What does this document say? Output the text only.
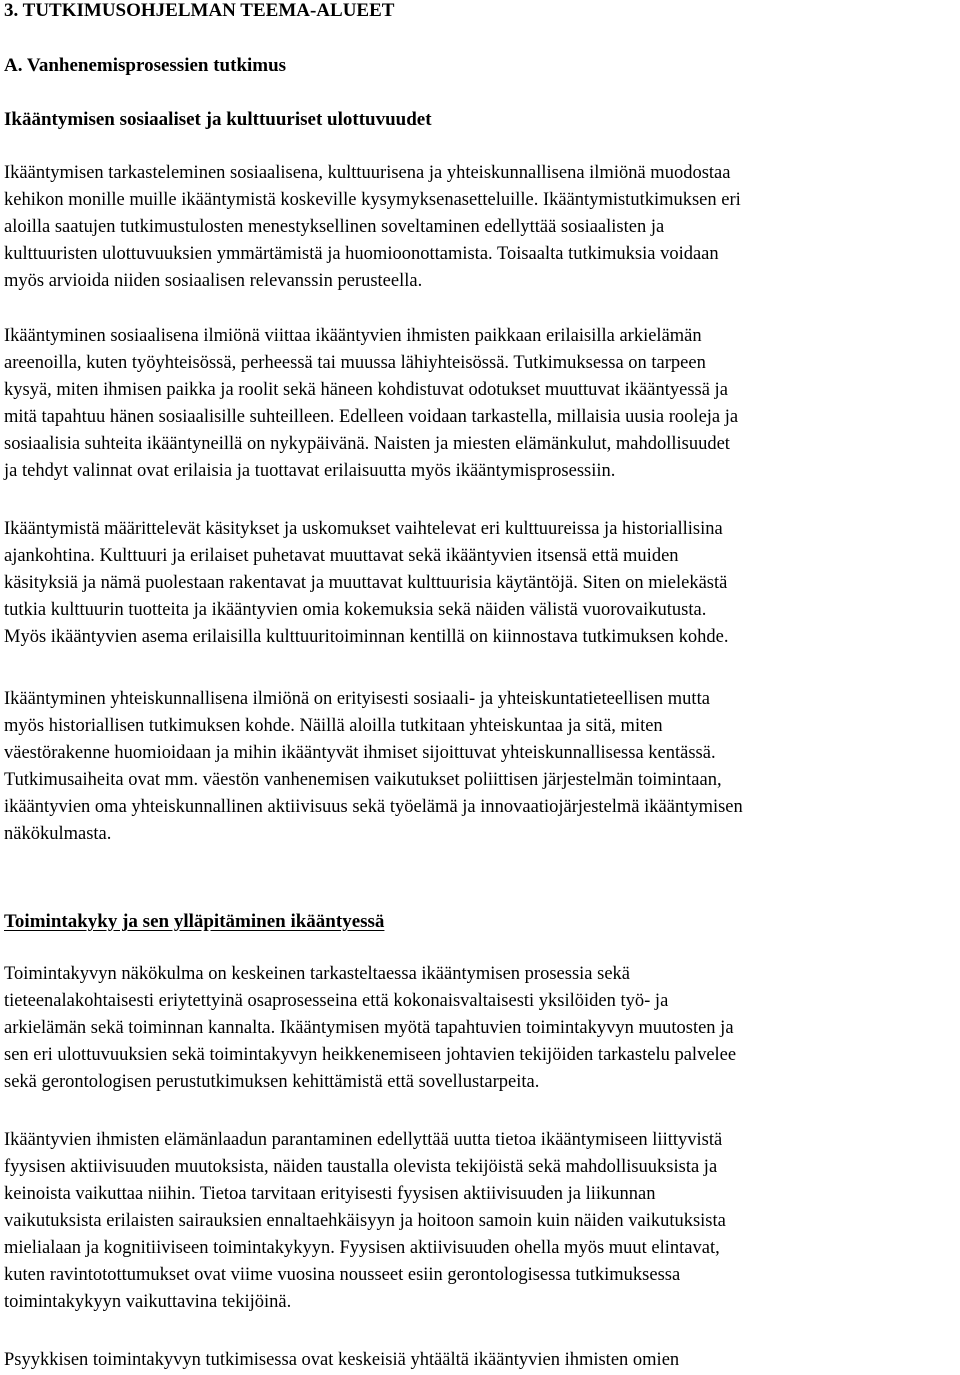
3. TUTKIMUSOHJELMAN TEEMA-ALUEET
A. Vanhenemisprosessien tutkimus
Ikääntymisen sosiaaliset ja kulttuuriset ulottuvuudet
Ikääntymisen tarkasteleminen sosiaalisena, kulttuurisena ja yhteiskunnallisena ilmiönä muodostaa
kehikon monille muille ikääntymistä koskeville kysymyksenasetteluille. Ikääntymistutkimuksen eri
aloilla saatujen tutkimustulosten menestyksellinen soveltaminen edellyttää sosiaalisten ja
kulttuuristen ulottuvuuksien ymmärtämistä ja huomioonottamista. Toisaalta tutkimuksia voidaan
myös arvioida niiden sosiaalisen relevanssin perusteella.
Ikääntyminen sosiaalisena ilmiönä viittaa ikääntyvien ihmisten paikkaan erilaisilla arkielämän
areenoilla, kuten työyhteisössä, perheessä tai muussa lähiyhteisössä. Tutkimuksessa on tarpeen
kysyä, miten ihmisen paikka ja roolit sekä häneen kohdistuvat odotukset muuttuvat ikääntyessä ja
mitä tapahtuu hänen sosiaalisille suhteilleen. Edelleen voidaan tarkastella, millaisia uusia rooleja ja
sosiaalisia suhteita ikääntyneillä on nykypäivänä. Naisten ja miesten elämänkulut, mahdollisuudet
ja tehdyt valinnat ovat erilaisia ja tuottavat erilaisuutta myös ikääntymisprosessiin.
Ikääntymistä määrittelevät käsitykset ja uskomukset vaihtelevat eri kulttuureissa ja historiallisina
ajankohtina. Kulttuuri ja erilaiset puhetavat muuttavat sekä ikääntyvien itsensä että muiden
käsityksiä ja nämä puolestaan rakentavat ja muuttavat kulttuurisia käytäntöjä. Siten on mielekästä
tutkia kulttuurin tuotteita ja ikääntyvien omia kokemuksia sekä näiden välistä vuorovaikutusta.
Myös ikääntyvien asema erilaisilla kulttuuritoiminnan kentillä on kiinnostava tutkimuksen kohde.
Ikääntyminen yhteiskunnallisena ilmiönä on erityisesti sosiaali- ja yhteiskuntatieteellisen mutta
myös historiallisen tutkimuksen kohde. Näillä aloilla tutkitaan yhteiskuntaa ja sitä, miten
väestörakenne huomioidaan ja mihin ikääntyvät ihmiset sijoittuvat yhteiskunnallisessa kentässä.
Tutkimusaiheita ovat mm. väestön vanhenemisen vaikutukset poliittisen järjestelmän toimintaan,
ikääntyvien oma yhteiskunnallinen aktiivisuus sekä työelämä ja innovaatiojärjestelmä ikääntymisen
näkökulmasta.
Toimintakyky ja sen ylläpitäminen ikääntyessä
Toimintakyvyn näkökulma on keskeinen tarkasteltaessa ikääntymisen prosessia sekä
tieteenalakohtaisesti eriytettyinä osaprosesseina että kokonaisvaltaisesti yksilöiden työ- ja
arkielämän sekä toiminnan kannalta. Ikääntymisen myötä tapahtuvien toimintakyvyn muutosten ja
sen eri ulottuvuuksien sekä toimintakyvyn heikkenemiseen johtavien tekijöiden tarkastelu palvelee
sekä gerontologisen perustutkimuksen kehittämistä että sovellustarpeita.
Ikääntyvien ihmisten elämänlaadun parantaminen edellyttää uutta tietoa ikääntymiseen liittyvistä
fyysisen aktiivisuuden muutoksista, näiden taustalla olevista tekijöistä sekä mahdollisuuksista ja
keinoista vaikuttaa niihin. Tietoa tarvitaan erityisesti fyysisen aktiivisuuden ja liikunnan
vaikutuksista erilaisten sairauksien ennaltaehkäisyyn ja hoitoon samoin kuin näiden vaikutuksista
mielialaan ja kognitiiviseen toimintakykyyn. Fyysisen aktiivisuuden ohella myös muut elintavat,
kuten ravintotottumukset ovat viime vuosina nousseet esiin gerontologisessa tutkimuksessa
toimintakykyyn vaikuttavina tekijöinä.
Psyykkisen toimintakyvyn tutkimisessa ovat keskeisiä yhtäältä ikääntyvien ihmisten omien
